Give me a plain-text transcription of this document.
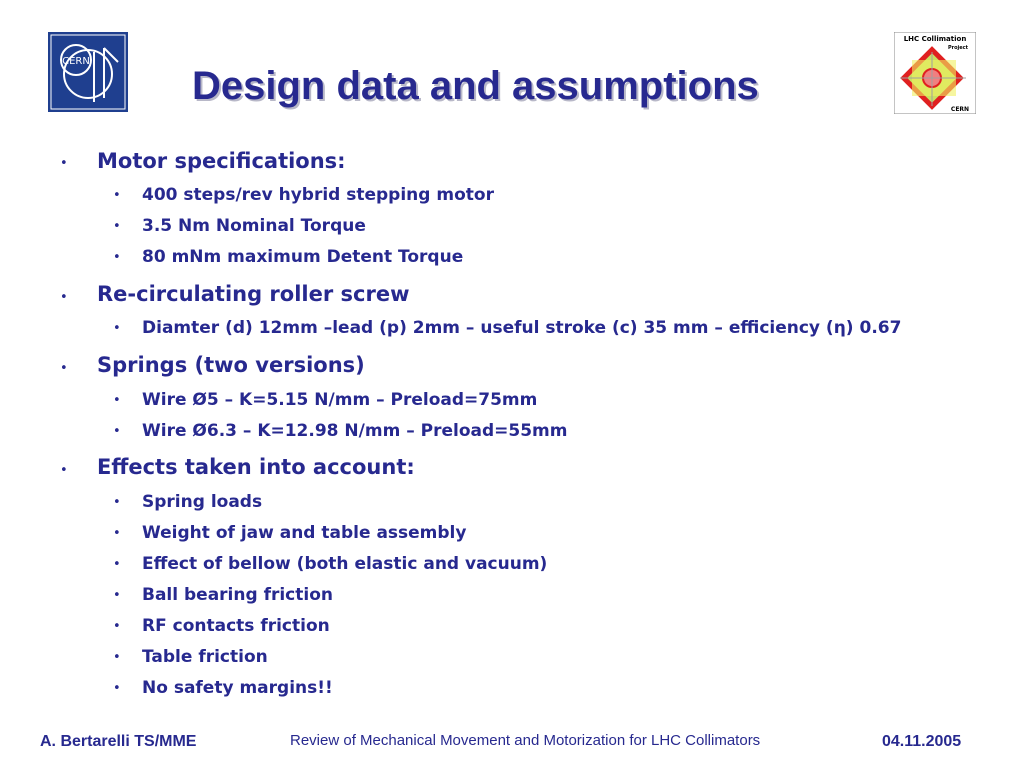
CERN
Design data and assumptions
LHC Collimation
Project
CERN
• Motor specifications:
• 400 steps/rev hybrid stepping motor
• 3.5 Nm Nominal Torque
• 80 mNm maximum Detent Torque
• Re-circulating roller screw
• Diamter (d) 12mm –lead (p) 2mm – useful stroke (c) 35 mm – efficiency (η) 0.67
• Springs (two versions)
• Wire Ø5 – K=5.15 N/mm – Preload=75mm
• Wire Ø6.3 – K=12.98 N/mm – Preload=55mm
• Effects taken into account:
• Spring loads
• Weight of jaw and table assembly
• Effect of bellow (both elastic and vacuum)
• Ball bearing friction
• RF contacts friction
• Table friction
• No safety margins!!
A. Bertarelli TS/MME	Review of Mechanical Movement and Motorization for LHC Collimators	04.11.2005
